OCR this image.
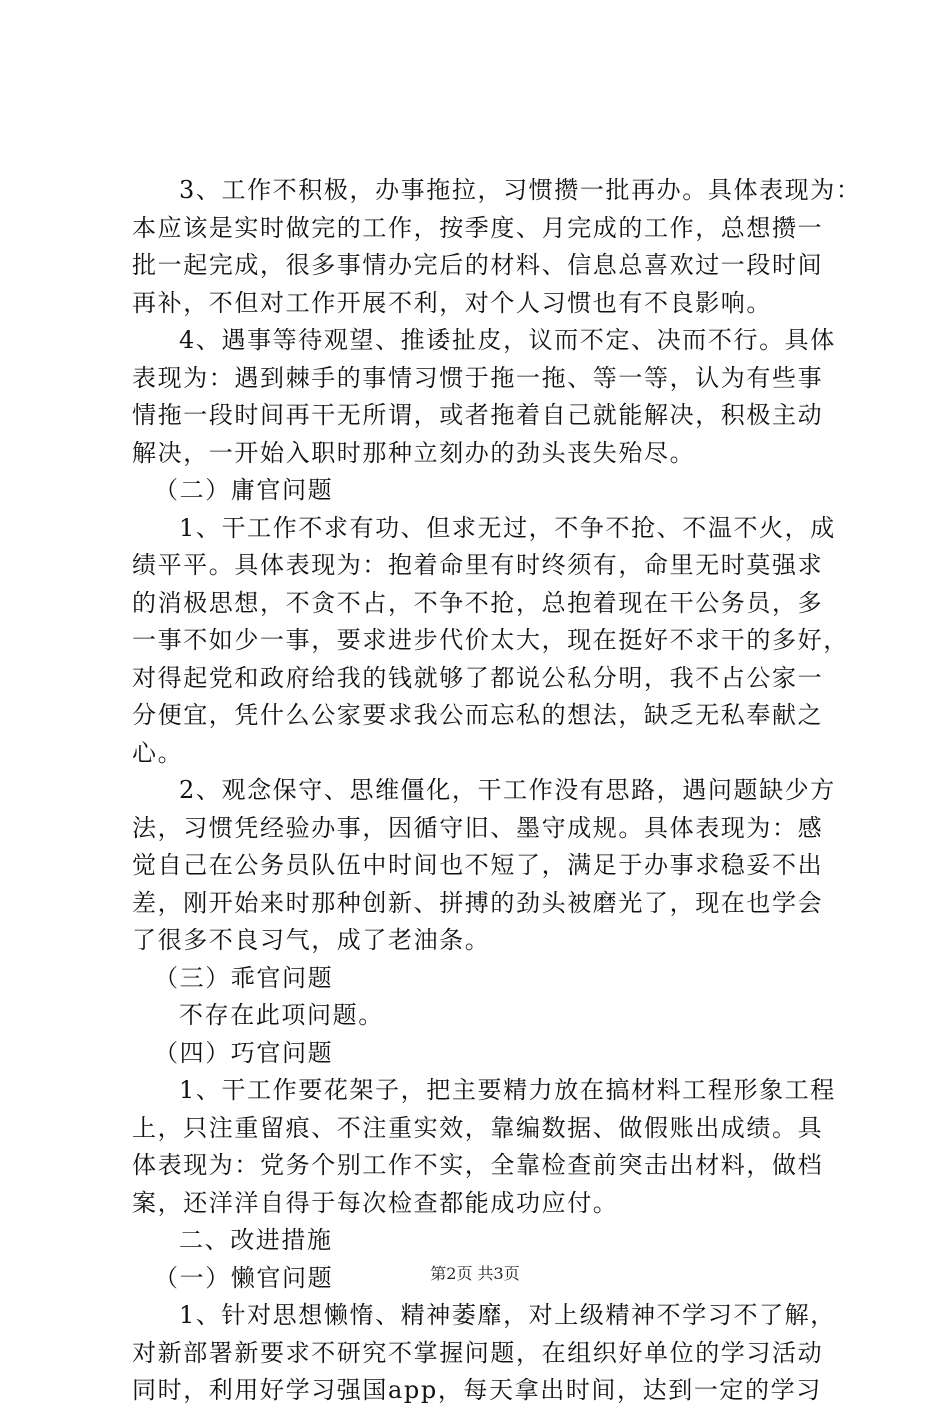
3、工作不积极，办事拖拉，习惯攒一批再办。具体表现为：
本应该是实时做完的工作，按季度、月完成的工作，总想攒一
批一起完成，很多事情办完后的材料、信息总喜欢过一段时间
再补，不但对工作开展不利，对个人习惯也有不良影响。
4、遇事等待观望、推诿扯皮，议而不定、决而不行。具体
表现为：遇到棘手的事情习惯于拖一拖、等一等，认为有些事
情拖一段时间再干无所谓，或者拖着自己就能解决，积极主动
解决，一开始入职时那种立刻办的劲头丧失殆尽。
（二）庸官问题
1、干工作不求有功、但求无过，不争不抢、不温不火，成
绩平平。具体表现为：抱着命里有时终须有，命里无时莫强求
的消极思想，不贪不占，不争不抢，总抱着现在干公务员，多
一事不如少一事，要求进步代价太大，现在挺好不求干的多好，
对得起党和政府给我的钱就够了都说公私分明，我不占公家一
分便宜，凭什么公家要求我公而忘私的想法，缺乏无私奉献之
心。
2、观念保守、思维僵化，干工作没有思路，遇问题缺少方
法，习惯凭经验办事，因循守旧、墨守成规。具体表现为：感
觉自己在公务员队伍中时间也不短了，满足于办事求稳妥不出
差，刚开始来时那种创新、拼搏的劲头被磨光了，现在也学会
了很多不良习气，成了老油条。
（三）乖官问题
不存在此项问题。
（四）巧官问题
1、干工作要花架子，把主要精力放在搞材料工程形象工程
上，只注重留痕、不注重实效，靠编数据、做假账出成绩。具
体表现为：党务个别工作不实，全靠检查前突击出材料，做档
案，还洋洋自得于每次检查都能成功应付。
二、改进措施
（一）懒官问题
1、针对思想懒惰、精神萎靡，对上级精神不学习不了解，
对新部署新要求不研究不掌握问题，在组织好单位的学习活动
同时，利用好学习强国app，每天拿出时间，达到一定的学习
第2页 共3页
